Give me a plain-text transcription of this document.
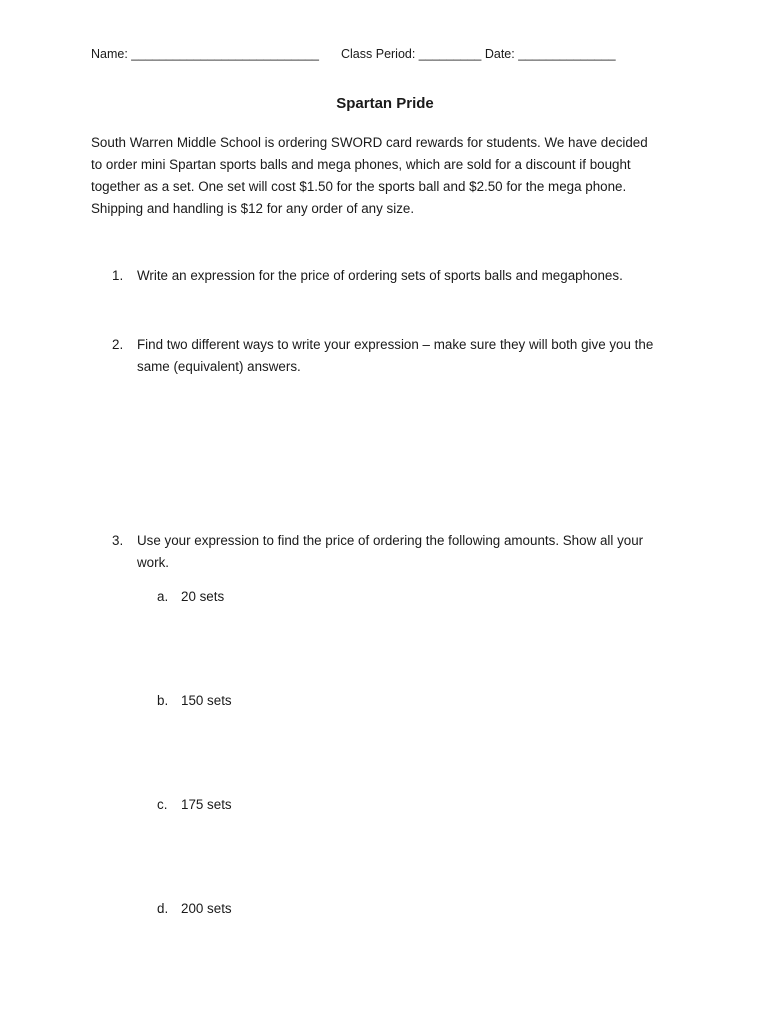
Name: ___________________________ Class Period: _________ Date: ______________
Spartan Pride
South Warren Middle School is ordering SWORD card rewards for students. We have decided
to order mini Spartan sports balls and mega phones, which are sold for a discount if bought
together as a set. One set will cost $1.50 for the sports ball and $2.50 for the mega phone.
Shipping and handling is $12 for any order of any size.
1.	Write an expression for the price of ordering sets of sports balls and megaphones.
2.	Find two different ways to write your expression – make sure they will both give you the
same (equivalent) answers.
3.	Use your expression to find the price of ordering the following amounts. Show all your
work.
a. 20 sets
b. 150 sets
c. 175 sets
d. 200 sets
